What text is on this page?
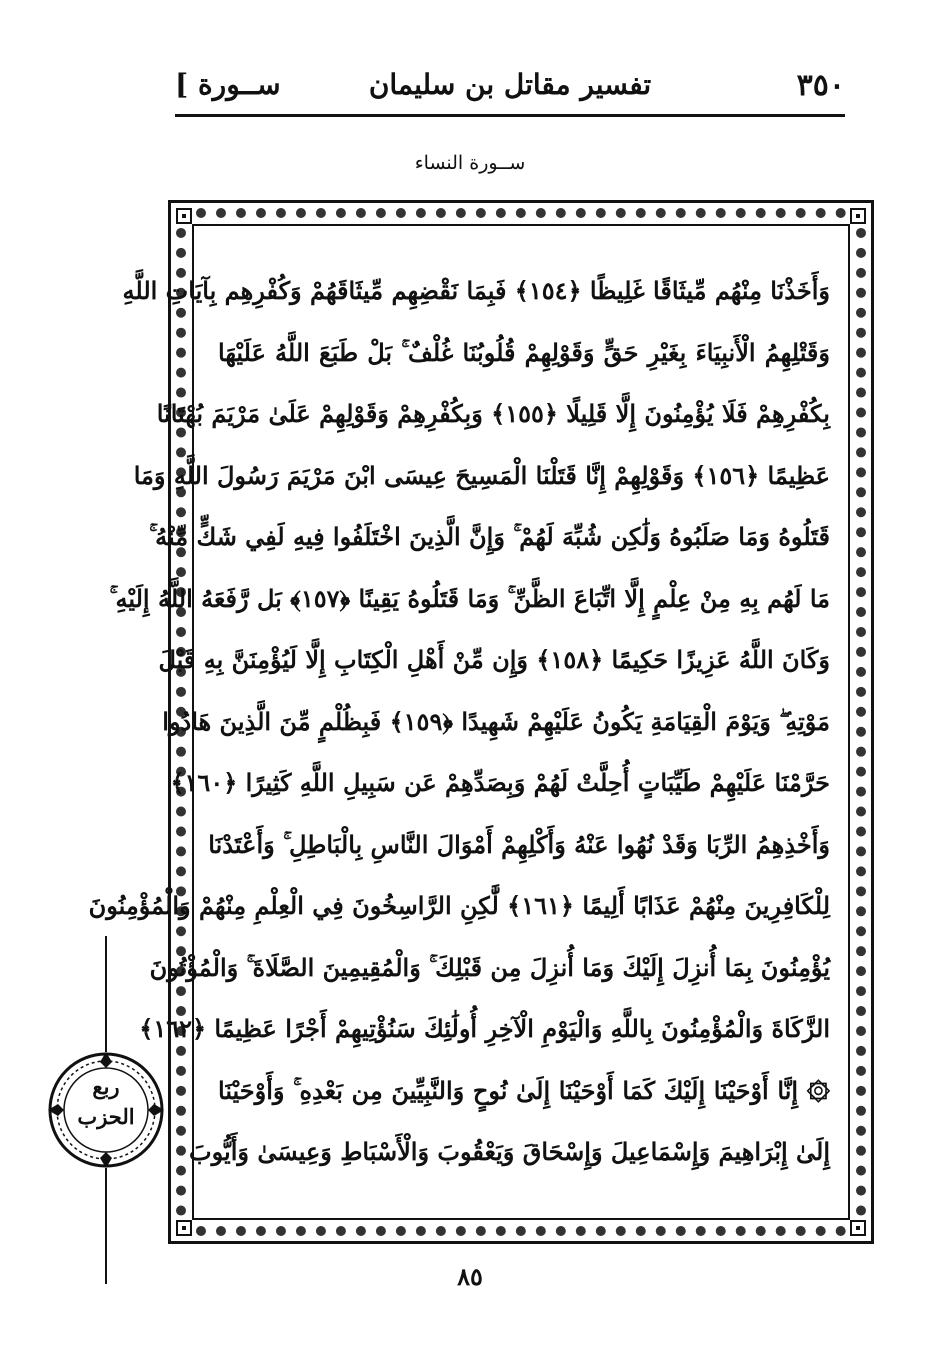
٣٥٠
تفسير مقاتل بن سليمان
[ ســورة
ســورة النساء
وَأَخَذْنَا مِنْهُم مِّيثَاقًا غَلِيظًا ﴿١٥٤﴾ فَبِمَا نَقْضِهِم مِّيثَاقَهُمْ وَكُفْرِهِم بِآيَاتِ اللَّهِ
وَقَتْلِهِمُ الْأَنبِيَاءَ بِغَيْرِ حَقٍّ وَقَوْلِهِمْ قُلُوبُنَا غُلْفٌ ۚ بَلْ طَبَعَ اللَّهُ عَلَيْهَا
بِكُفْرِهِمْ فَلَا يُؤْمِنُونَ إِلَّا قَلِيلًا ﴿١٥٥﴾ وَبِكُفْرِهِمْ وَقَوْلِهِمْ عَلَىٰ مَرْيَمَ بُهْتَانًا
عَظِيمًا ﴿١٥٦﴾ وَقَوْلِهِمْ إِنَّا قَتَلْنَا الْمَسِيحَ عِيسَى ابْنَ مَرْيَمَ رَسُولَ اللَّهِ وَمَا
قَتَلُوهُ وَمَا صَلَبُوهُ وَلَٰكِن شُبِّهَ لَهُمْ ۚ وَإِنَّ الَّذِينَ اخْتَلَفُوا فِيهِ لَفِي شَكٍّ مِّنْهُ ۚ
مَا لَهُم بِهِ مِنْ عِلْمٍ إِلَّا اتِّبَاعَ الظَّنِّ ۚ وَمَا قَتَلُوهُ يَقِينًا ﴿١٥٧﴾ بَل رَّفَعَهُ اللَّهُ إِلَيْهِ ۚ
وَكَانَ اللَّهُ عَزِيزًا حَكِيمًا ﴿١٥٨﴾ وَإِن مِّنْ أَهْلِ الْكِتَابِ إِلَّا لَيُؤْمِنَنَّ بِهِ قَبْلَ
مَوْتِهِ ۖ وَيَوْمَ الْقِيَامَةِ يَكُونُ عَلَيْهِمْ شَهِيدًا ﴿١٥٩﴾ فَبِظُلْمٍ مِّنَ الَّذِينَ هَادُوا
حَرَّمْنَا عَلَيْهِمْ طَيِّبَاتٍ أُحِلَّتْ لَهُمْ وَبِصَدِّهِمْ عَن سَبِيلِ اللَّهِ كَثِيرًا ﴿١٦٠﴾
وَأَخْذِهِمُ الرِّبَا وَقَدْ نُهُوا عَنْهُ وَأَكْلِهِمْ أَمْوَالَ النَّاسِ بِالْبَاطِلِ ۚ وَأَعْتَدْنَا
لِلْكَافِرِينَ مِنْهُمْ عَذَابًا أَلِيمًا ﴿١٦١﴾ لَّٰكِنِ الرَّاسِخُونَ فِي الْعِلْمِ مِنْهُمْ وَالْمُؤْمِنُونَ
يُؤْمِنُونَ بِمَا أُنزِلَ إِلَيْكَ وَمَا أُنزِلَ مِن قَبْلِكَ ۚ وَالْمُقِيمِينَ الصَّلَاةَ ۚ وَالْمُؤْتُونَ
الزَّكَاةَ وَالْمُؤْمِنُونَ بِاللَّهِ وَالْيَوْمِ الْآخِرِ أُولَٰئِكَ سَنُؤْتِيهِمْ أَجْرًا عَظِيمًا ﴿١٦٢﴾
۞ إِنَّا أَوْحَيْنَا إِلَيْكَ كَمَا أَوْحَيْنَا إِلَىٰ نُوحٍ وَالنَّبِيِّينَ مِن بَعْدِهِ ۚ وَأَوْحَيْنَا
إِلَىٰ إِبْرَاهِيمَ وَإِسْمَاعِيلَ وَإِسْحَاقَ وَيَعْقُوبَ وَالْأَسْبَاطِ وَعِيسَىٰ وَأَيُّوبَ
ربع
الحزب
٨٥
